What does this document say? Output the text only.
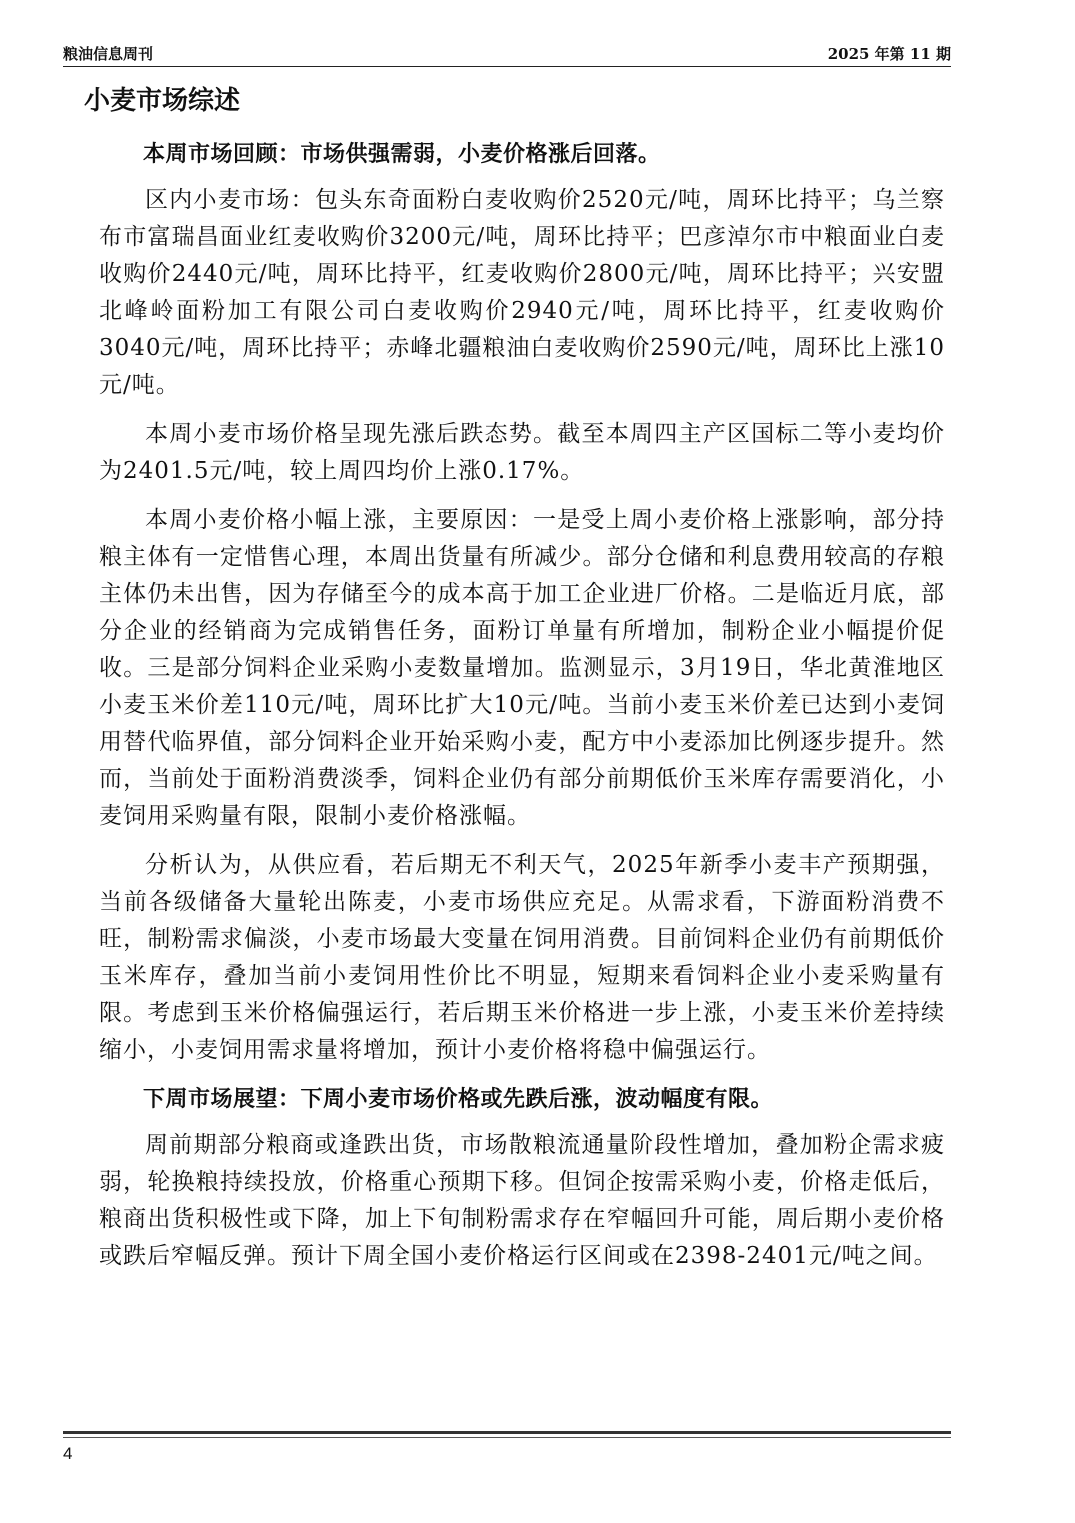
粮油信息周刊	2025 年第 11 期
小麦市场综述

本周市场回顾：市场供强需弱，小麦价格涨后回落。

区内小麦市场：包头东奇面粉白麦收购价2520元/吨，周环比持平；乌兰察布市富瑞昌面业红麦收购价3200元/吨，周环比持平；巴彦淖尔市中粮面业白麦收购价2440元/吨，周环比持平，红麦收购价2800元/吨，周环比持平；兴安盟北峰岭面粉加工有限公司白麦收购价2940元/吨，周环比持平，红麦收购价3040元/吨，周环比持平；赤峰北疆粮油白麦收购价2590元/吨，周环比上涨10元/吨。

本周小麦市场价格呈现先涨后跌态势。截至本周四主产区国标二等小麦均价为2401.5元/吨，较上周四均价上涨0.17%。

本周小麦价格小幅上涨，主要原因：一是受上周小麦价格上涨影响，部分持粮主体有一定惜售心理，本周出货量有所减少。部分仓储和利息费用较高的存粮主体仍未出售，因为存储至今的成本高于加工企业进厂价格。二是临近月底，部分企业的经销商为完成销售任务，面粉订单量有所增加，制粉企业小幅提价促收。三是部分饲料企业采购小麦数量增加。监测显示，3月19日，华北黄淮地区小麦玉米价差110元/吨，周环比扩大10元/吨。当前小麦玉米价差已达到小麦饲用替代临界值，部分饲料企业开始采购小麦，配方中小麦添加比例逐步提升。然而，当前处于面粉消费淡季，饲料企业仍有部分前期低价玉米库存需要消化，小麦饲用采购量有限，限制小麦价格涨幅。

分析认为，从供应看，若后期无不利天气，2025年新季小麦丰产预期强，当前各级储备大量轮出陈麦，小麦市场供应充足。从需求看，下游面粉消费不旺，制粉需求偏淡，小麦市场最大变量在饲用消费。目前饲料企业仍有前期低价玉米库存，叠加当前小麦饲用性价比不明显，短期来看饲料企业小麦采购量有限。考虑到玉米价格偏强运行，若后期玉米价格进一步上涨，小麦玉米价差持续缩小，小麦饲用需求量将增加，预计小麦价格将稳中偏强运行。

下周市场展望：下周小麦市场价格或先跌后涨，波动幅度有限。

周前期部分粮商或逢跌出货，市场散粮流通量阶段性增加，叠加粉企需求疲弱，轮换粮持续投放，价格重心预期下移。但饲企按需采购小麦，价格走低后，粮商出货积极性或下降，加上下旬制粉需求存在窄幅回升可能，周后期小麦价格或跌后窄幅反弹。预计下周全国小麦价格运行区间或在2398-2401元/吨之间。

4
